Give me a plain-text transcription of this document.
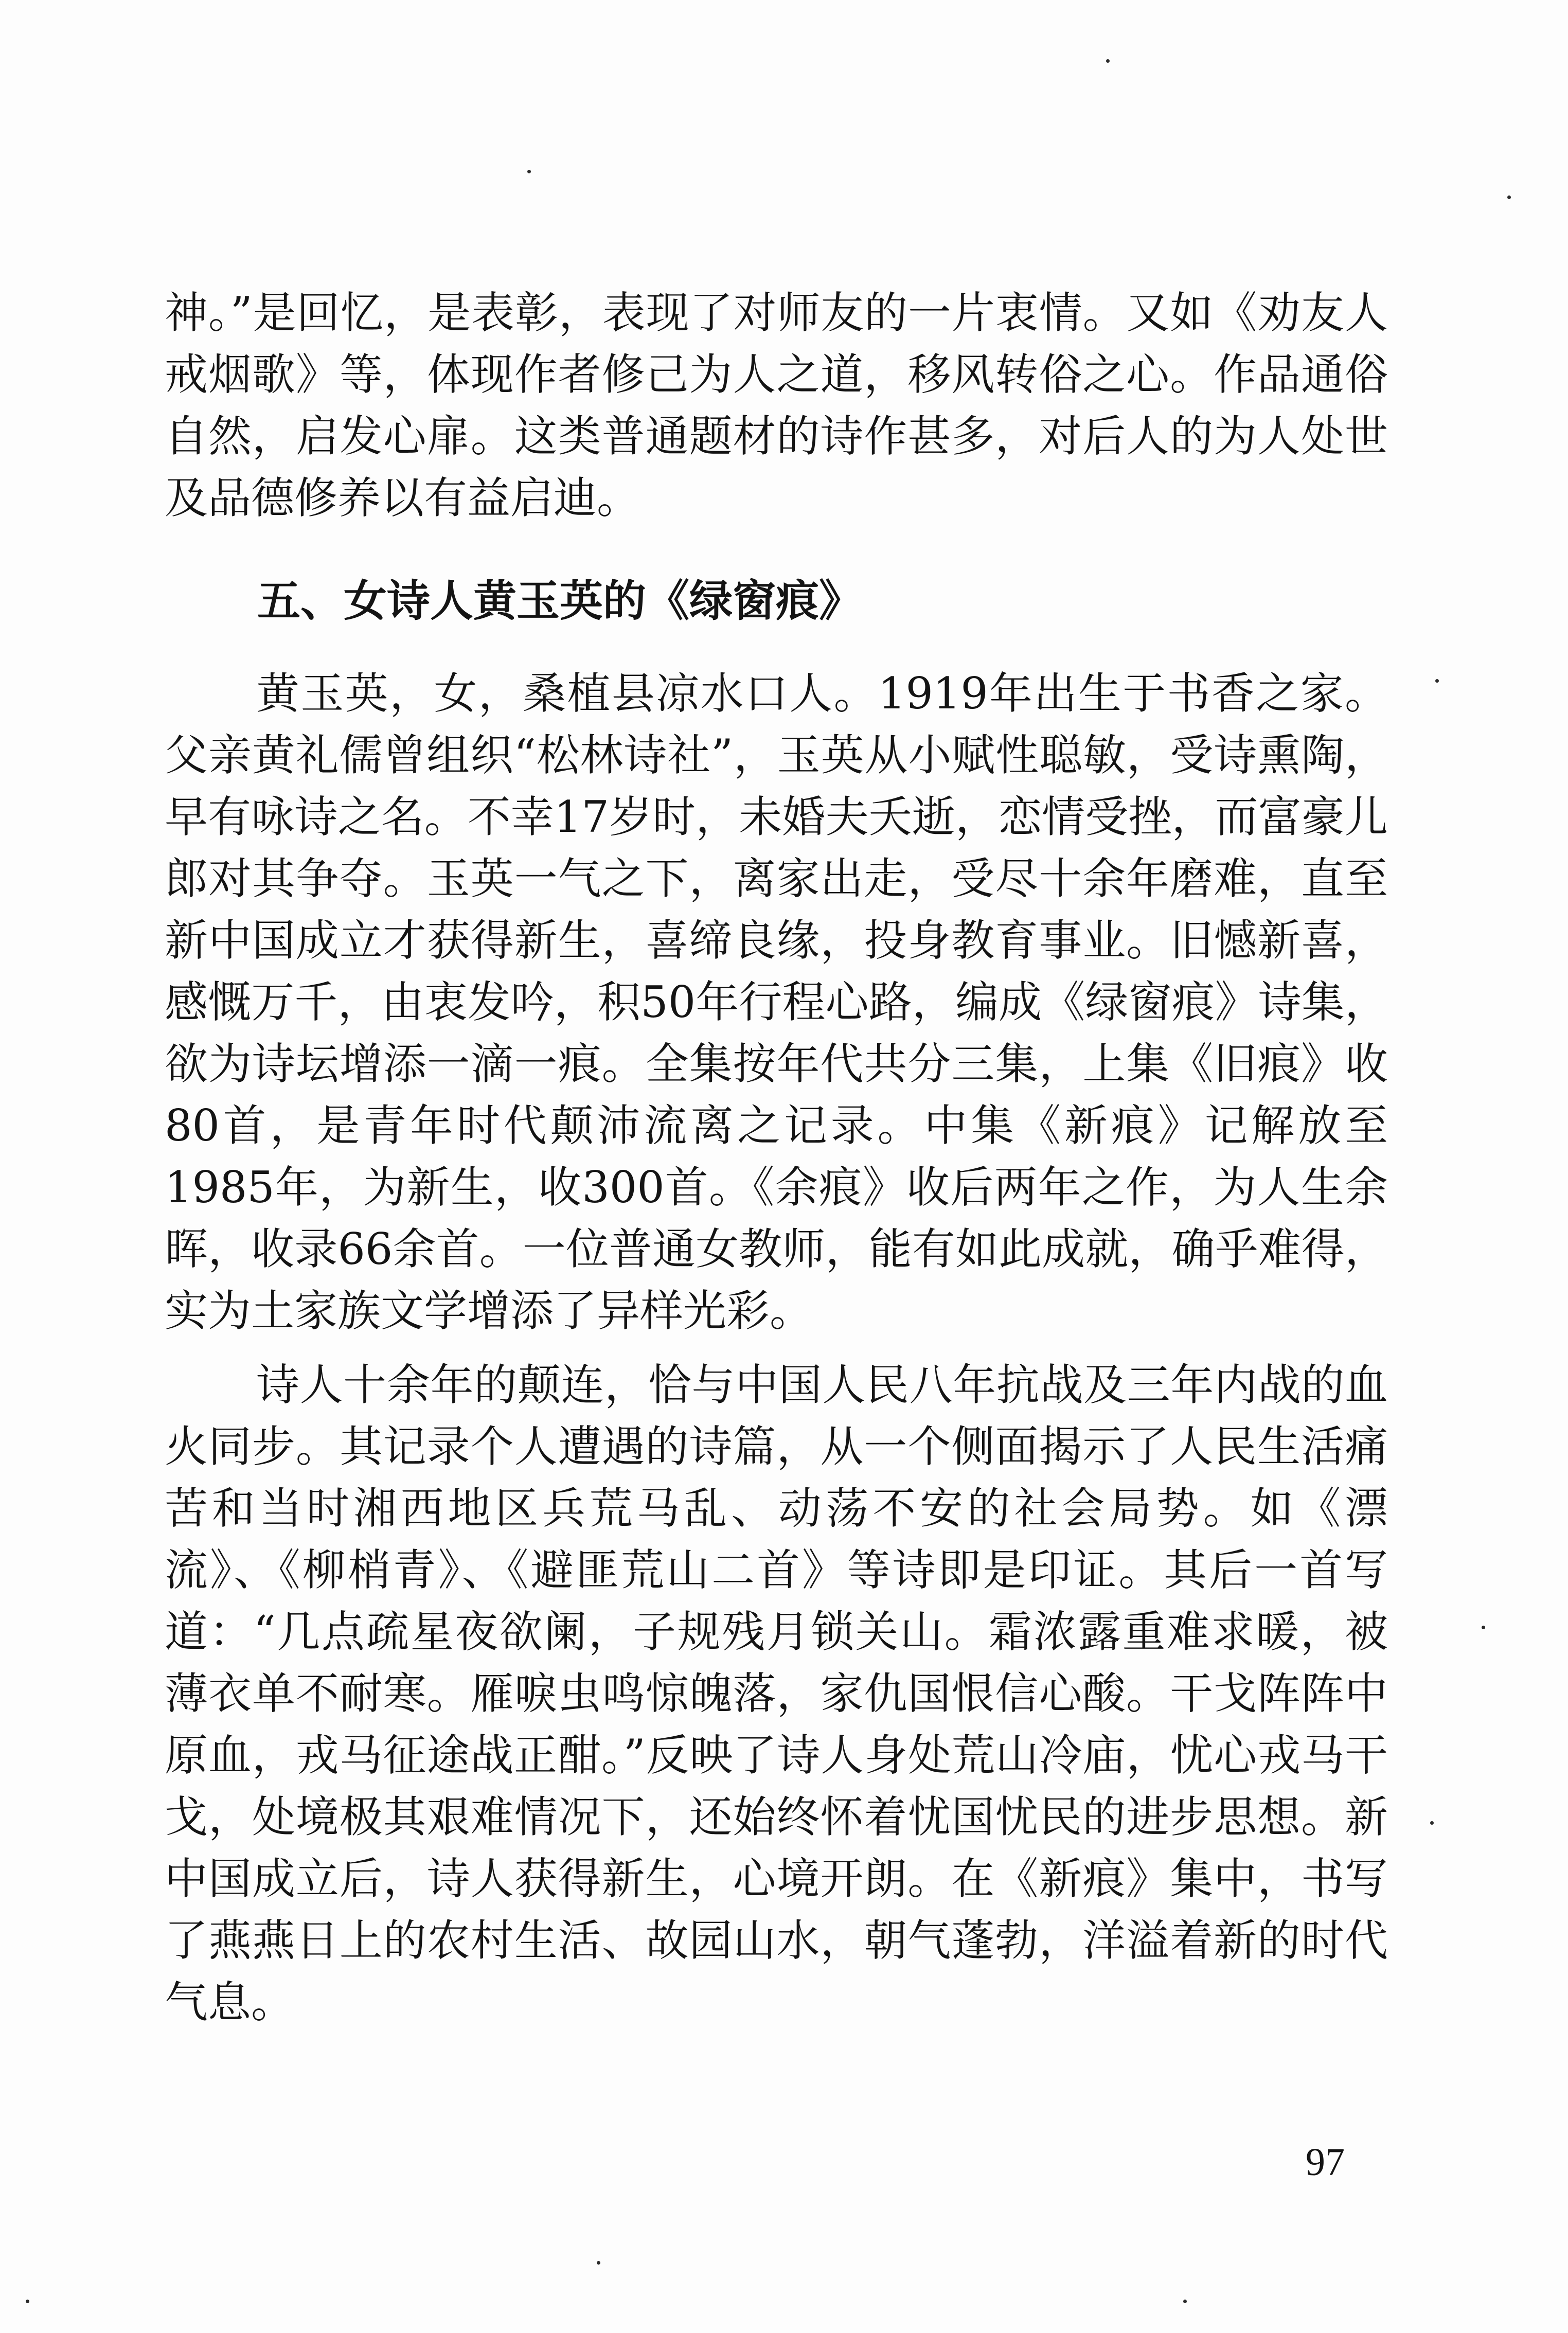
神。”是回忆，是表彰，表现了对师友的一片衷情。又如《劝友人戒烟歌》等，体现作者修己为人之道，移风转俗之心。作品通俗自然，启发心扉。这类普通题材的诗作甚多，对后人的为人处世及品德修养以有益启迪。

五、女诗人黄玉英的《绿窗痕》

黄玉英，女，桑植县凉水口人。1919年出生于书香之家。父亲黄礼儒曾组织“松林诗社”，玉英从小赋性聪敏，受诗熏陶，早有咏诗之名。不幸17岁时，未婚夫夭逝，恋情受挫，而富豪儿郎对其争夺。玉英一气之下，离家出走，受尽十余年磨难，直至新中国成立才获得新生，喜缔良缘，投身教育事业。旧憾新喜，感慨万千，由衷发吟，积50年行程心路，编成《绿窗痕》诗集，欲为诗坛增添一滴一痕。全集按年代共分三集，上集《旧痕》收80首，是青年时代颠沛流离之记录。中集《新痕》记解放至1985年，为新生，收300首。《余痕》收后两年之作，为人生余晖，收录66余首。一位普通女教师，能有如此成就，确乎难得，实为土家族文学增添了异样光彩。

诗人十余年的颠连，恰与中国人民八年抗战及三年内战的血火同步。其记录个人遭遇的诗篇，从一个侧面揭示了人民生活痛苦和当时湘西地区兵荒马乱、动荡不安的社会局势。如《漂流》、《柳梢青》、《避匪荒山二首》等诗即是印证。其后一首写道：“几点疏星夜欲阑，子规残月锁关山。霜浓露重难求暖，被薄衣单不耐寒。雁唳虫鸣惊魄落，家仇国恨信心酸。干戈阵阵中原血，戎马征途战正酣。”反映了诗人身处荒山冷庙，忧心戎马干戈，处境极其艰难情况下，还始终怀着忧国忧民的进步思想。新中国成立后，诗人获得新生，心境开朗。在《新痕》集中，书写了燕燕日上的农村生活、故园山水，朝气蓬勃，洋溢着新的时代气息。

97
